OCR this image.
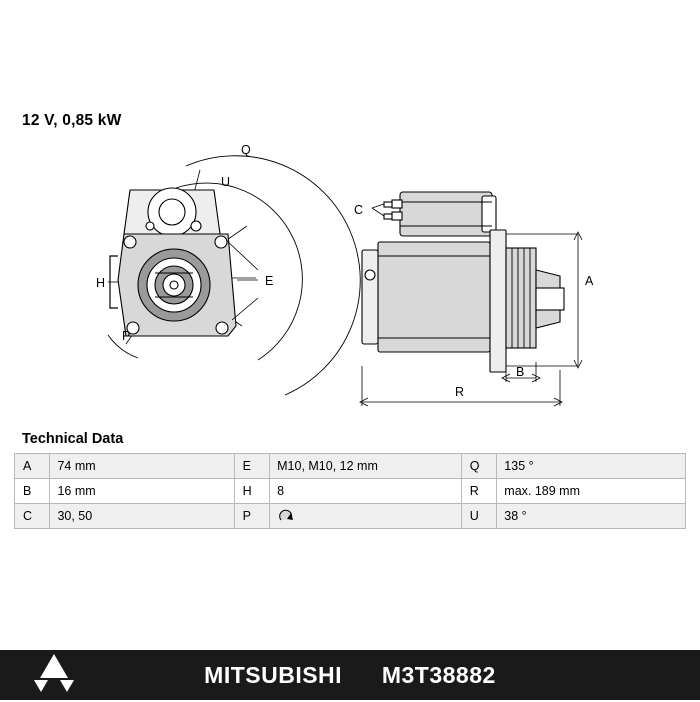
12 V, 0,85 kW
Q
U
H
P
E
C
A
B
R
Technical Data
A	74 mm	E	M10, M10, 12 mm	Q	135 °
B	16 mm	H	8	R	max. 189 mm
C	30, 50	P		U	38 °
MITSUBISHI M3T38882
